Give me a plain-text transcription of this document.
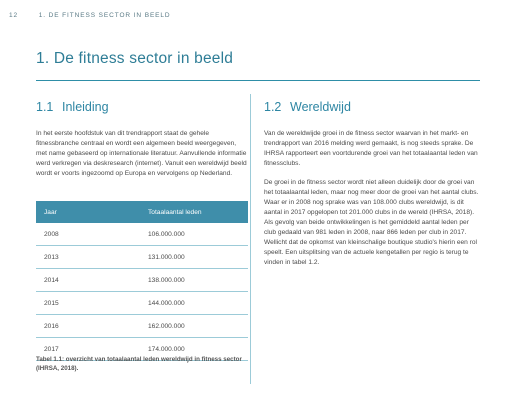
12	1. DE FITNESS SECTOR IN BEELD
1. De fitness sector in beeld
1.1 Inleiding

In het eerste hoofdstuk van dit trendrapport staat de gehele fitnessbranche centraal en wordt een algemeen beeld weergegeven, met name gebaseerd op internationale literatuur. Aanvullende informatie werd verkregen via deskresearch (internet). Vanuit een wereldwijd beeld wordt er voorts ingezoomd op Europa en vervolgens op Nederland.

Jaar	Totaalaantal leden
2008	106.000.000
2013	131.000.000
2014	138.000.000
2015	144.000.000
2016	162.000.000
2017	174.000.000
Tabel 1.1: overzicht van totaalaantal leden wereldwijd in fitness sector (IHRSA, 2018).
1.2 Wereldwijd

Van de wereldwijde groei in de fitness sector waarvan in het markt- en trendrapport van 2016 melding werd gemaakt, is nog steeds sprake. De IHRSA rapporteert een voortdurende groei van het totaalaantal leden van fitnessclubs.

De groei in de fitness sector wordt niet alleen duidelijk door de groei van het totaalaantal leden, maar nog meer door de groei van het aantal clubs. Waar er in 2008 nog sprake was van 108.000 clubs wereldwijd, is dit aantal in 2017 opgelopen tot 201.000 clubs in de wereld (IHRSA, 2018). Als gevolg van beide ontwikkelingen is het gemiddeld aantal leden per club gedaald van 981 leden in 2008, naar 866 leden per club in 2017. Wellicht dat de opkomst van kleinschalige boutique studio's hierin een rol speelt. Een uitsplitsing van de actuele kengetallen per regio is terug te vinden in tabel 1.2.
